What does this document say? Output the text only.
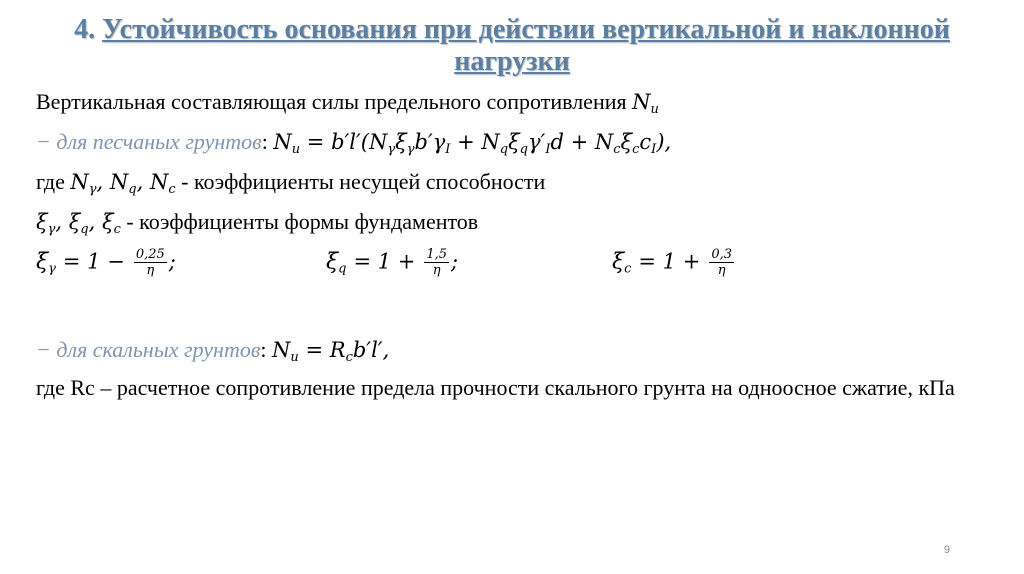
4. Устойчивость основания при действии вертикальной и наклонной нагрузки
Вертикальная составляющая силы предельного сопротивления $N_u$
− для песчаных грунтов: $N_u = b'l'(N_\gamma\xi_\gamma b'\gamma_I + N_q\xi_q\gamma'_Id + N_c\xi_cc_I)$,
где $N_\gamma$, $N_q$, $N_c$ - коэффициенты несущей способности
$\xi_\gamma$, $\xi_q$, $\xi_c$ - коэффициенты формы фундаментов
$\xi_\gamma = 1 - \frac{0,25}{\eta}$ ;	$\xi_q = 1 + \frac{1,5}{\eta}$ ;	$\xi_c = 1 + \frac{0,3}{\eta}$
− для скальных грунтов: $N_u = R_cb'l'$,
где Rc – расчетное сопротивление предела прочности скального грунта на одноосное сжатие, кПа
9
